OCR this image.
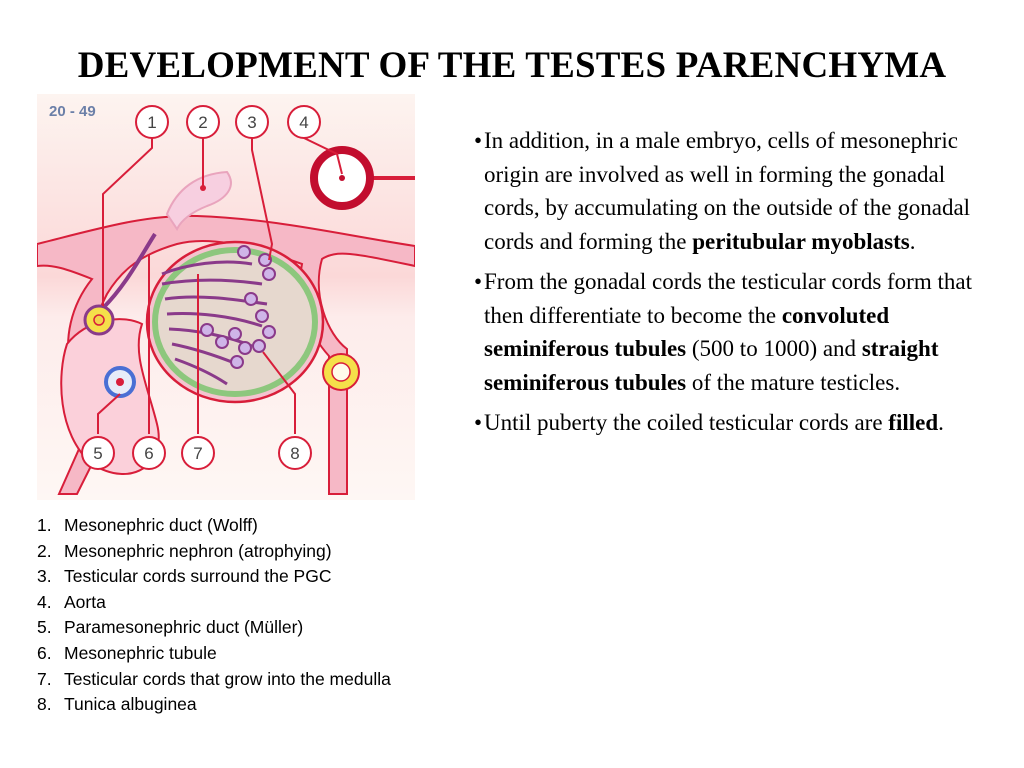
DEVELOPMENT OF THE TESTES PARENCHYMA
20 - 49
1 2 3	4
5 6 7	8
1. Mesonephric duct (Wolff)
2. Mesonephric nephron (atrophying)
3. Testicular cords surround the PGC
4. Aorta
5. Paramesonephric duct (Müller)
6. Mesonephric tubule
7. Testicular cords that grow into the medulla
8. Tunica albuginea
• In addition, in a male embryo, cells of mesonephric origin are involved as well in forming the gonadal cords, by accumulating on the outside of the gonadal cords and forming the peritubular myoblasts.
• From the gonadal cords the testicular cords form that then differentiate to become the convoluted seminiferous tubules (500 to 1000) and straight seminiferous tubules of the mature testicles.
• Until puberty the coiled testicular cords are filled.
